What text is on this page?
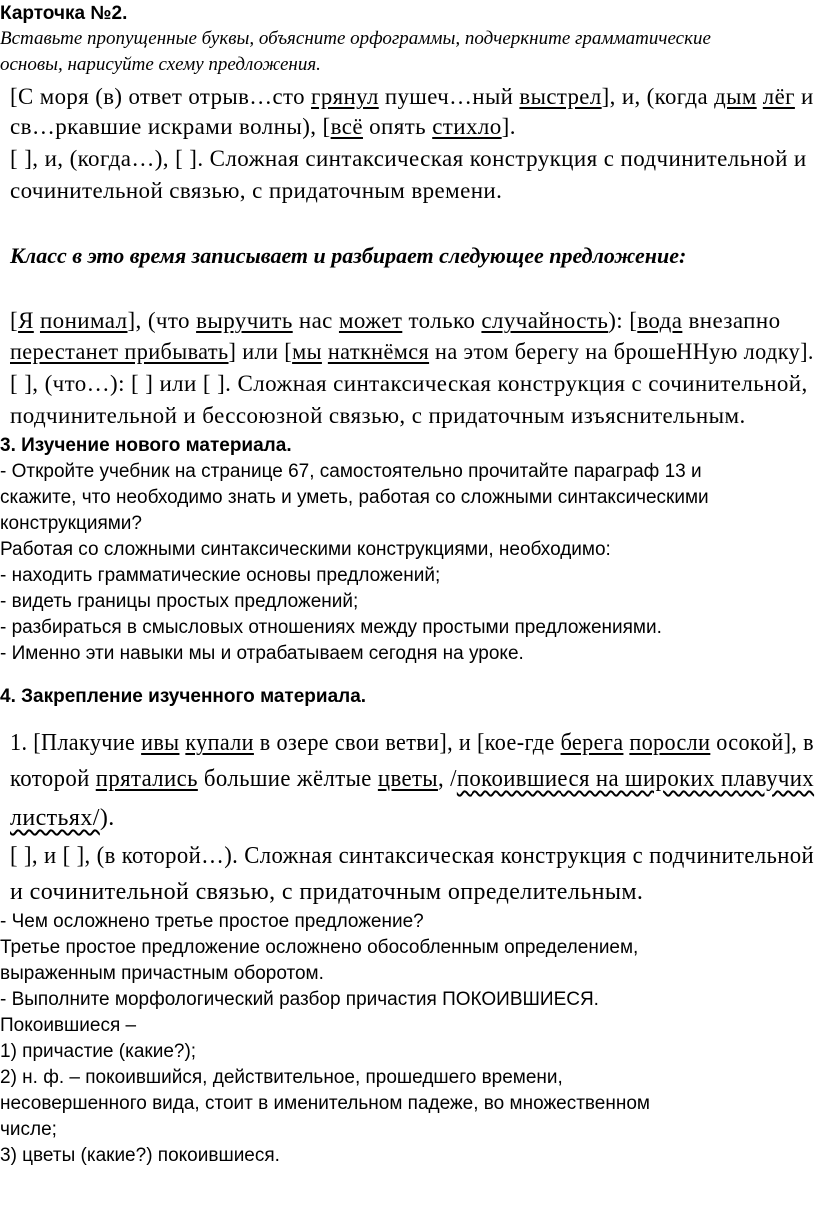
Карточка №2.
Вставьте пропущенные буквы, объясните орфограммы, подчеркните грамматические
основы, нарисуйте схему предложения.
[С моря (в) ответ отрыв…сто грянул пушеч…ный выстрел], и, (когда дым лёг и
св…ркавшие искрами волны), [всё опять стихло].
[ ], и, (когда…), [ ]. Сложная синтаксическая конструкция с подчинительной и
сочинительной связью, с придаточным времени.
Класс в это время записывает и разбирает следующее предложение:
[Я понимал], (что выручить нас может только случайность): [вода внезапно
перестанет прибывать] или [мы наткнёмся на этом берегу на брошеННую лодку].
[ ], (что…): [ ] или [ ]. Сложная синтаксическая конструкция с сочинительной,
подчинительной и бессоюзной связью, с придаточным изъяснительным.
3. Изучение нового материала.
- Откройте учебник на странице 67, самостоятельно прочитайте параграф 13 и
скажите, что необходимо знать и уметь, работая со сложными синтаксическими
конструкциями?
Работая со сложными синтаксическими конструкциями, необходимо:
- находить грамматические основы предложений;
- видеть границы простых предложений;
- разбираться в смысловых отношениях между простыми предложениями.
- Именно эти навыки мы и отрабатываем сегодня на уроке.
4. Закрепление изученного материала.
1. [Плакучие ивы купали в озере свои ветви], и [кое-где берега поросли осокой], в
которой прятались большие жёлтые цветы, /покоившиеся на широких плавучих
листьях/).
[ ], и [ ], (в которой…). Сложная синтаксическая конструкция с подчинительной
и сочинительной связью, с придаточным определительным.
- Чем осложнено третье простое предложение?
Третье простое предложение осложнено обособленным определением,
выраженным причастным оборотом.
- Выполните морфологический разбор причастия ПОКОИВШИЕСЯ.
Покоившиеся –
1) причастие (какие?);
2) н. ф. – покоившийся, действительное, прошедшего времени,
несовершенного вида, стоит в именительном падеже, во множественном
числе;
3) цветы (какие?) покоившиеся.
